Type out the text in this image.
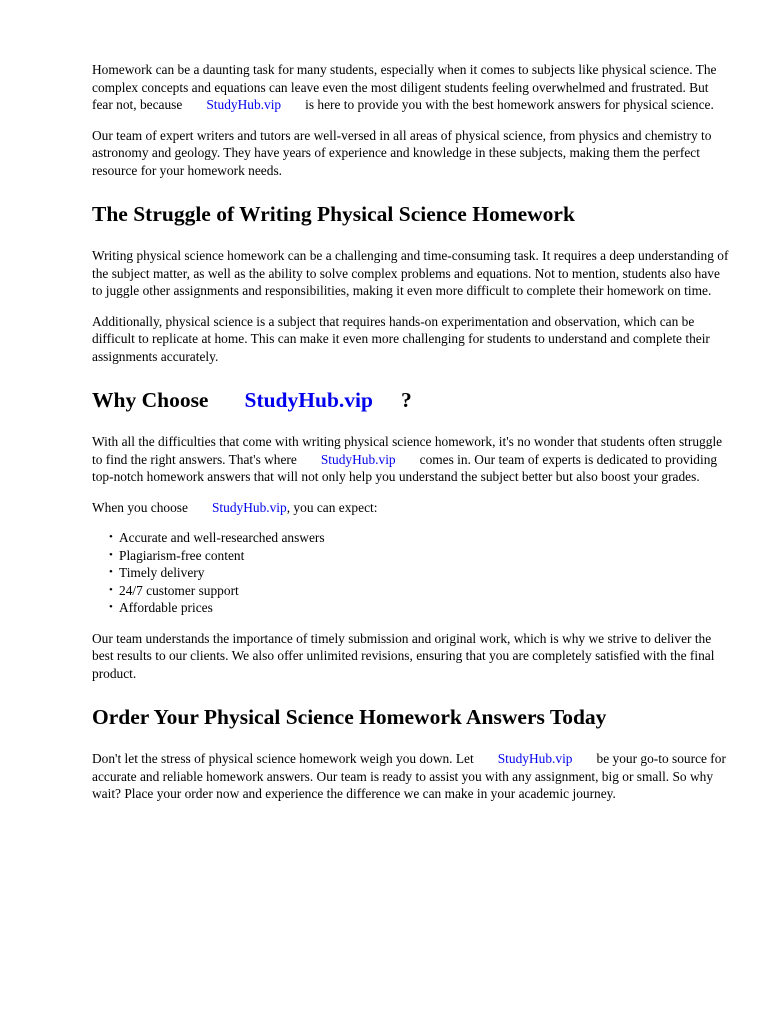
Homework can be a daunting task for many students, especially when it comes to subjects like physical science. The complex concepts and equations can leave even the most diligent students feeling overwhelmed and frustrated. But fear not, because StudyHub.vip is here to provide you with the best homework answers for physical science.

Our team of expert writers and tutors are well-versed in all areas of physical science, from physics and chemistry to astronomy and geology. They have years of experience and knowledge in these subjects, making them the perfect resource for your homework needs.

The Struggle of Writing Physical Science Homework

Writing physical science homework can be a challenging and time-consuming task. It requires a deep understanding of the subject matter, as well as the ability to solve complex problems and equations. Not to mention, students also have to juggle other assignments and responsibilities, making it even more difficult to complete their homework on time.

Additionally, physical science is a subject that requires hands-on experimentation and observation, which can be difficult to replicate at home. This can make it even more challenging for students to understand and complete their assignments accurately.

Why Choose StudyHub.vip ?

With all the difficulties that come with writing physical science homework, it's no wonder that students often struggle to find the right answers. That's where StudyHub.vip comes in. Our team of experts is dedicated to providing top-notch homework answers that will not only help you understand the subject better but also boost your grades.

When you choose StudyHub.vip, you can expect:

• Accurate and well-researched answers
• Plagiarism-free content
• Timely delivery
• 24/7 customer support
• Affordable prices

Our team understands the importance of timely submission and original work, which is why we strive to deliver the best results to our clients. We also offer unlimited revisions, ensuring that you are completely satisfied with the final product.

Order Your Physical Science Homework Answers Today

Don't let the stress of physical science homework weigh you down. Let StudyHub.vip be your go-to source for accurate and reliable homework answers. Our team is ready to assist you with any assignment, big or small. So why wait? Place your order now and experience the difference we can make in your academic journey.
